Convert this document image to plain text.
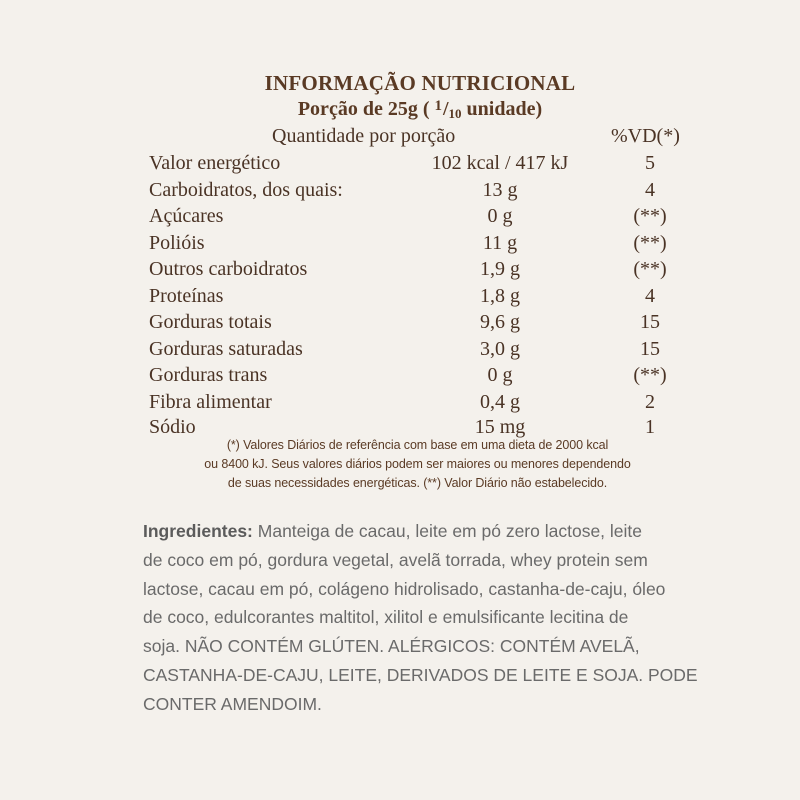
INFORMAÇÃO NUTRICIONAL
Porção de 25g ( $^1$/10 unidade)
Quantidade por porção	%VD(*)
Valor energético	102 kcal / 417 kJ	5
Carboidratos, dos quais:	13 g	4
Açúcares	0 g	(**)
Polióis	11 g	(**)
Outros carboidratos	1,9 g	(**)
Proteínas	1,8 g	4
Gorduras totais	9,6 g	15
Gorduras saturadas	3,0 g	15
Gorduras trans	0 g	(**)
Fibra alimentar	0,4 g	2
Sódio	15 mg	1
(*) Valores Diários de referência com base em uma dieta de 2000 kcal
ou 8400 kJ. Seus valores diários podem ser maiores ou menores dependendo
de suas necessidades energéticas. (**) Valor Diário não estabelecido.
Ingredientes: Manteiga de cacau, leite em pó zero lactose, leite
de coco em pó, gordura vegetal, avelã torrada, whey protein sem
lactose, cacau em pó, colágeno hidrolisado, castanha-de-caju, óleo
de coco, edulcorantes maltitol, xilitol e emulsificante lecitina de
soja. NÃO CONTÉM GLÚTEN. ALÉRGICOS: CONTÉM AVELÃ,
CASTANHA-DE-CAJU, LEITE, DERIVADOS DE LEITE E SOJA. PODE
CONTER AMENDOIM.
